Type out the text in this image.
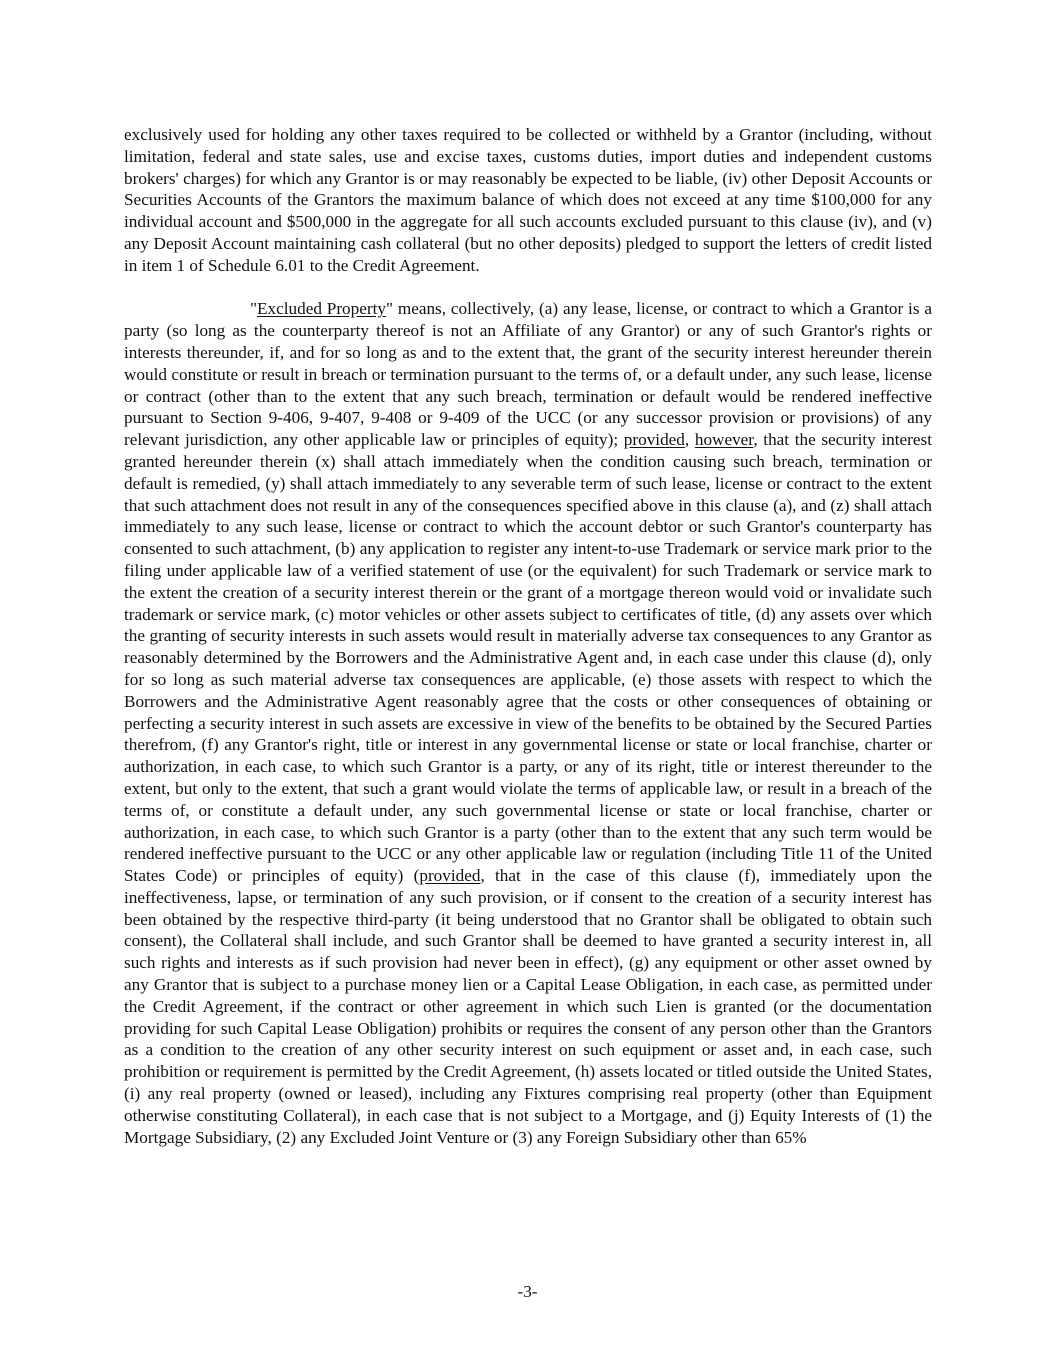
exclusively used for holding any other taxes required to be collected or withheld by a Grantor (including, without limitation, federal and state sales, use and excise taxes, customs duties, import duties and independent customs brokers' charges) for which any Grantor is or may reasonably be expected to be liable, (iv) other Deposit Accounts or Securities Accounts of the Grantors the maximum balance of which does not exceed at any time $100,000 for any individual account and $500,000 in the aggregate for all such accounts excluded pursuant to this clause (iv), and (v) any Deposit Account maintaining cash collateral (but no other deposits) pledged to support the letters of credit listed in item 1 of Schedule 6.01 to the Credit Agreement.

"Excluded Property" means, collectively, (a) any lease, license, or contract to which a Grantor is a party (so long as the counterparty thereof is not an Affiliate of any Grantor) or any of such Grantor's rights or interests thereunder, if, and for so long as and to the extent that, the grant of the security interest hereunder therein would constitute or result in breach or termination pursuant to the terms of, or a default under, any such lease, license or contract (other than to the extent that any such breach, termination or default would be rendered ineffective pursuant to Section 9-406, 9-407, 9-408 or 9-409 of the UCC (or any successor provision or provisions) of any relevant jurisdiction, any other applicable law or principles of equity); provided, however, that the security interest granted hereunder therein (x) shall attach immediately when the condition causing such breach, termination or default is remedied, (y) shall attach immediately to any severable term of such lease, license or contract to the extent that such attachment does not result in any of the consequences specified above in this clause (a), and (z) shall attach immediately to any such lease, license or contract to which the account debtor or such Grantor's counterparty has consented to such attachment, (b) any application to register any intent-to-use Trademark or service mark prior to the filing under applicable law of a verified statement of use (or the equivalent) for such Trademark or service mark to the extent the creation of a security interest therein or the grant of a mortgage thereon would void or invalidate such trademark or service mark, (c) motor vehicles or other assets subject to certificates of title, (d) any assets over which the granting of security interests in such assets would result in materially adverse tax consequences to any Grantor as reasonably determined by the Borrowers and the Administrative Agent and, in each case under this clause (d), only for so long as such material adverse tax consequences are applicable, (e) those assets with respect to which the Borrowers and the Administrative Agent reasonably agree that the costs or other consequences of obtaining or perfecting a security interest in such assets are excessive in view of the benefits to be obtained by the Secured Parties therefrom, (f) any Grantor's right, title or interest in any governmental license or state or local franchise, charter or authorization, in each case, to which such Grantor is a party, or any of its right, title or interest thereunder to the extent, but only to the extent, that such a grant would violate the terms of applicable law, or result in a breach of the terms of, or constitute a default under, any such governmental license or state or local franchise, charter or authorization, in each case, to which such Grantor is a party (other than to the extent that any such term would be rendered ineffective pursuant to the UCC or any other applicable law or regulation (including Title 11 of the United States Code) or principles of equity) (provided, that in the case of this clause (f), immediately upon the ineffectiveness, lapse, or termination of any such provision, or if consent to the creation of a security interest has been obtained by the respective third-party (it being understood that no Grantor shall be obligated to obtain such consent), the Collateral shall include, and such Grantor shall be deemed to have granted a security interest in, all such rights and interests as if such provision had never been in effect), (g) any equipment or other asset owned by any Grantor that is subject to a purchase money lien or a Capital Lease Obligation, in each case, as permitted under the Credit Agreement, if the contract or other agreement in which such Lien is granted (or the documentation providing for such Capital Lease Obligation) prohibits or requires the consent of any person other than the Grantors as a condition to the creation of any other security interest on such equipment or asset and, in each case, such prohibition or requirement is permitted by the Credit Agreement, (h) assets located or titled outside the United States, (i) any real property (owned or leased), including any Fixtures comprising real property (other than Equipment otherwise constituting Collateral), in each case that is not subject to a Mortgage, and (j) Equity Interests of (1) the Mortgage Subsidiary, (2) any Excluded Joint Venture or (3) any Foreign Subsidiary other than 65%

-3-
